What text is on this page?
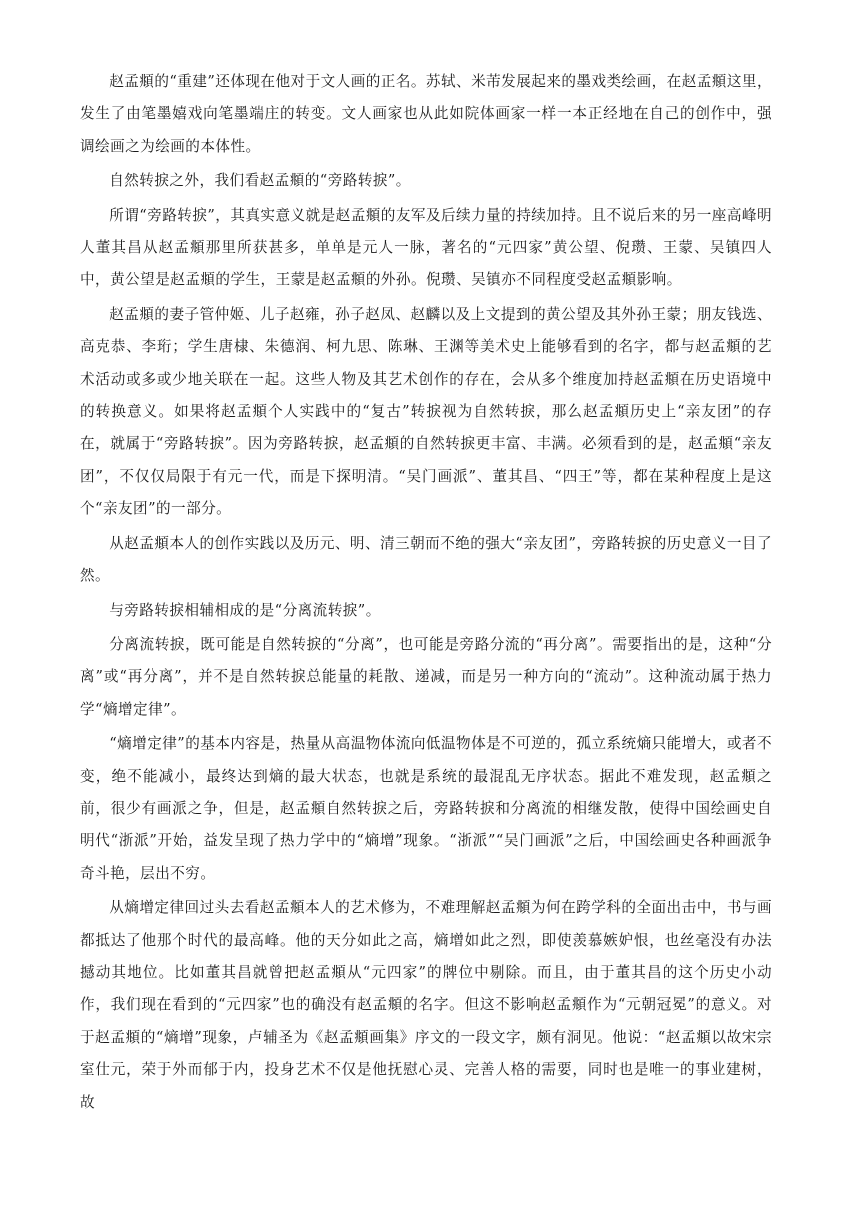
赵孟頫的“重建”还体现在他对于文人画的正名。苏轼、米芾发展起来的墨戏类绘画，在赵孟頫这里，发生了由笔墨嬉戏向笔墨端庄的转变。文人画家也从此如院体画家一样一本正经地在自己的创作中，强调绘画之为绘画的本体性。

自然转捩之外，我们看赵孟頫的“旁路转捩”。

所谓“旁路转捩”，其真实意义就是赵孟頫的友军及后续力量的持续加持。且不说后来的另一座高峰明人董其昌从赵孟頫那里所获甚多，单单是元人一脉，著名的“元四家”黄公望、倪瓒、王蒙、吴镇四人中，黄公望是赵孟頫的学生，王蒙是赵孟頫的外孙。倪瓒、吴镇亦不同程度受赵孟頫影响。

赵孟頫的妻子管仲姬、儿子赵雍，孙子赵凤、赵麟以及上文提到的黄公望及其外孙王蒙；朋友钱选、高克恭、李珩；学生唐棣、朱德润、柯九思、陈琳、王渊等美术史上能够看到的名字，都与赵孟頫的艺术活动或多或少地关联在一起。这些人物及其艺术创作的存在，会从多个维度加持赵孟頫在历史语境中的转换意义。如果将赵孟頫个人实践中的“复古”转捩视为自然转捩，那么赵孟頫历史上“亲友团”的存在，就属于“旁路转捩”。因为旁路转捩，赵孟頫的自然转捩更丰富、丰满。必须看到的是，赵孟頫“亲友团”，不仅仅局限于有元一代，而是下探明清。“吴门画派”、董其昌、“四王”等，都在某种程度上是这个“亲友团”的一部分。

从赵孟頫本人的创作实践以及历元、明、清三朝而不绝的强大“亲友团”，旁路转捩的历史意义一目了然。

与旁路转捩相辅相成的是“分离流转捩”。

分离流转捩，既可能是自然转捩的“分离”，也可能是旁路分流的“再分离”。需要指出的是，这种“分离”或“再分离”，并不是自然转捩总能量的耗散、递减，而是另一种方向的“流动”。这种流动属于热力学“熵增定律”。

“熵增定律”的基本内容是，热量从高温物体流向低温物体是不可逆的，孤立系统熵只能增大，或者不变，绝不能减小，最终达到熵的最大状态，也就是系统的最混乱无序状态。据此不难发现，赵孟頫之前，很少有画派之争，但是，赵孟頫自然转捩之后，旁路转捩和分离流的相继发散，使得中国绘画史自明代“浙派”开始，益发呈现了热力学中的“熵增”现象。“浙派”“吴门画派”之后，中国绘画史各种画派争奇斗艳，层出不穷。

从熵增定律回过头去看赵孟頫本人的艺术修为，不难理解赵孟頫为何在跨学科的全面出击中，书与画都抵达了他那个时代的最高峰。他的天分如此之高，熵增如此之烈，即使羡慕嫉妒恨，也丝毫没有办法撼动其地位。比如董其昌就曾把赵孟頫从“元四家”的牌位中剔除。而且，由于董其昌的这个历史小动作，我们现在看到的“元四家”也的确没有赵孟頫的名字。但这不影响赵孟頫作为“元朝冠冕”的意义。对于赵孟頫的“熵增”现象，卢辅圣为《赵孟頫画集》序文的一段文字，颇有洞见。他说：“赵孟頫以故宋宗室仕元，荣于外而郁于内，投身艺术不仅是他抚慰心灵、完善人格的需要，同时也是唯一的事业建树，故
